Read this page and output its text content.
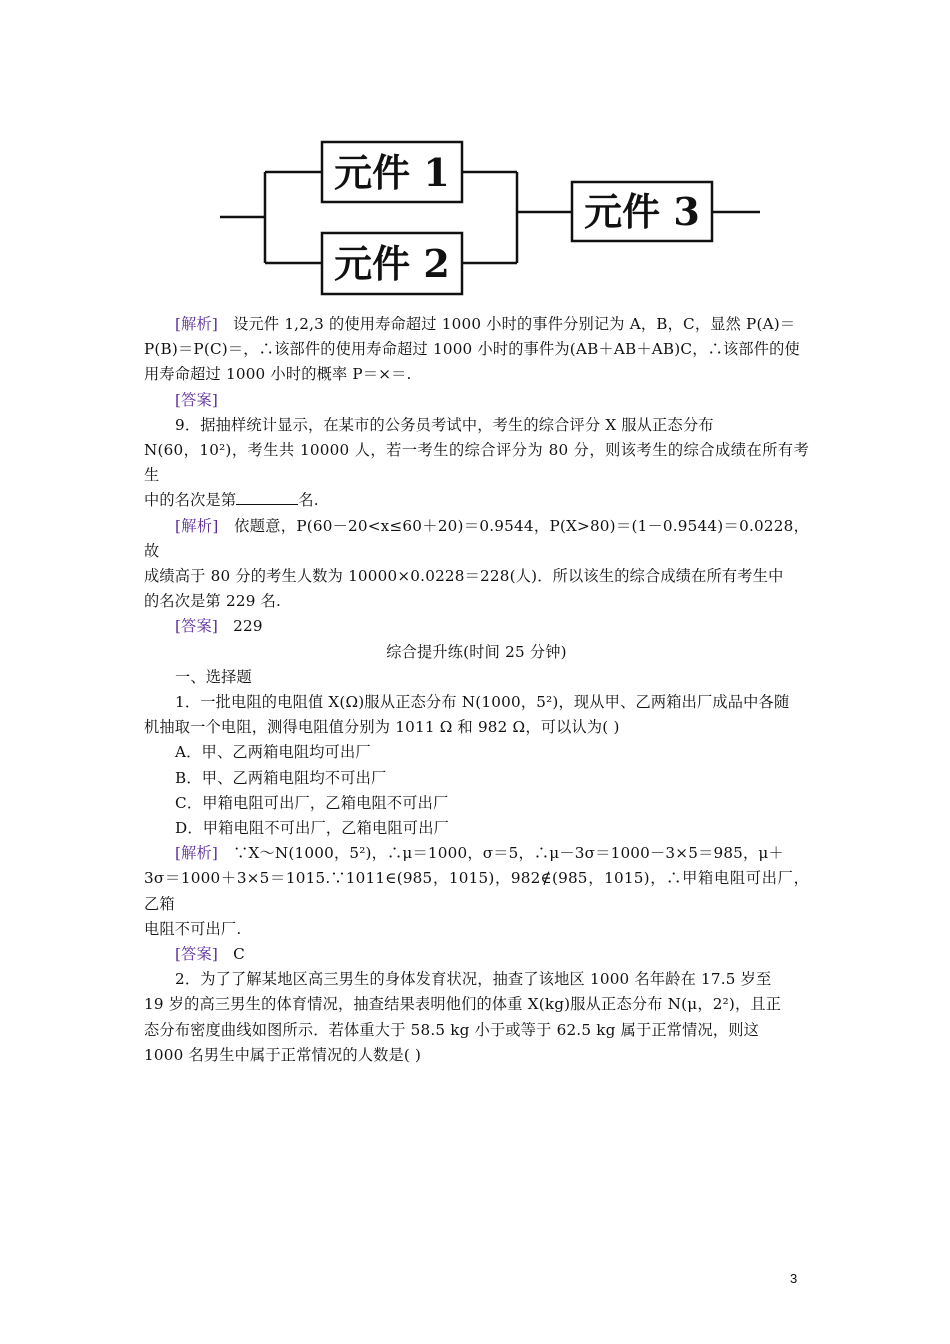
元件 1
元件 2
元件 3

[解析] 设元件 1,2,3 的使用寿命超过 1000 小时的事件分别记为 A，B，C，显然 P(A)＝

P(B)＝P(C)＝，∴该部件的使用寿命超过 1000 小时的事件为(AB＋AB＋AB)C，∴该部件的使

用寿命超过 1000 小时的概率 P＝×＝.

[答案]

9．据抽样统计显示，在某市的公务员考试中，考生的综合评分 X 服从正态分布

N(60，10²)，考生共 10000 人，若一考生的综合评分为 80 分，则该考生的综合成绩在所有考生

中的名次是第	名.

[解析] 依题意，P(60－20<x≤60＋20)＝0.9544，P(X>80)＝(1－0.9544)＝0.0228，故

成绩高于 80 分的考生人数为 10000×0.0228＝228(人)．所以该生的综合成绩在所有考生中

的名次是第 229 名.

[答案] 229

综合提升练(时间 25 分钟)

一、选择题

1．一批电阻的电阻值 X(Ω)服从正态分布 N(1000，5²)，现从甲、乙两箱出厂成品中各随

机抽取一个电阻，测得电阻值分别为 1011 Ω 和 982 Ω，可以认为( )

A．甲、乙两箱电阻均可出厂

B．甲、乙两箱电阻均不可出厂

C．甲箱电阻可出厂，乙箱电阻不可出厂

D．甲箱电阻不可出厂，乙箱电阻可出厂

[解析] ∵X～N(1000，5²)，∴μ＝1000，σ＝5，∴μ－3σ＝1000－3×5＝985，μ＋

3σ＝1000＋3×5＝1015.∵1011∈(985，1015)，982∉(985，1015)，∴甲箱电阻可出厂，乙箱

电阻不可出厂.

[答案] C

2．为了了解某地区高三男生的身体发育状况，抽查了该地区 1000 名年龄在 17.5 岁至

19 岁的高三男生的体育情况，抽查结果表明他们的体重 X(kg)服从正态分布 N(μ，2²)，且正

态分布密度曲线如图所示．若体重大于 58.5 kg 小于或等于 62.5 kg 属于正常情况，则这

1000 名男生中属于正常情况的人数是( )

3
